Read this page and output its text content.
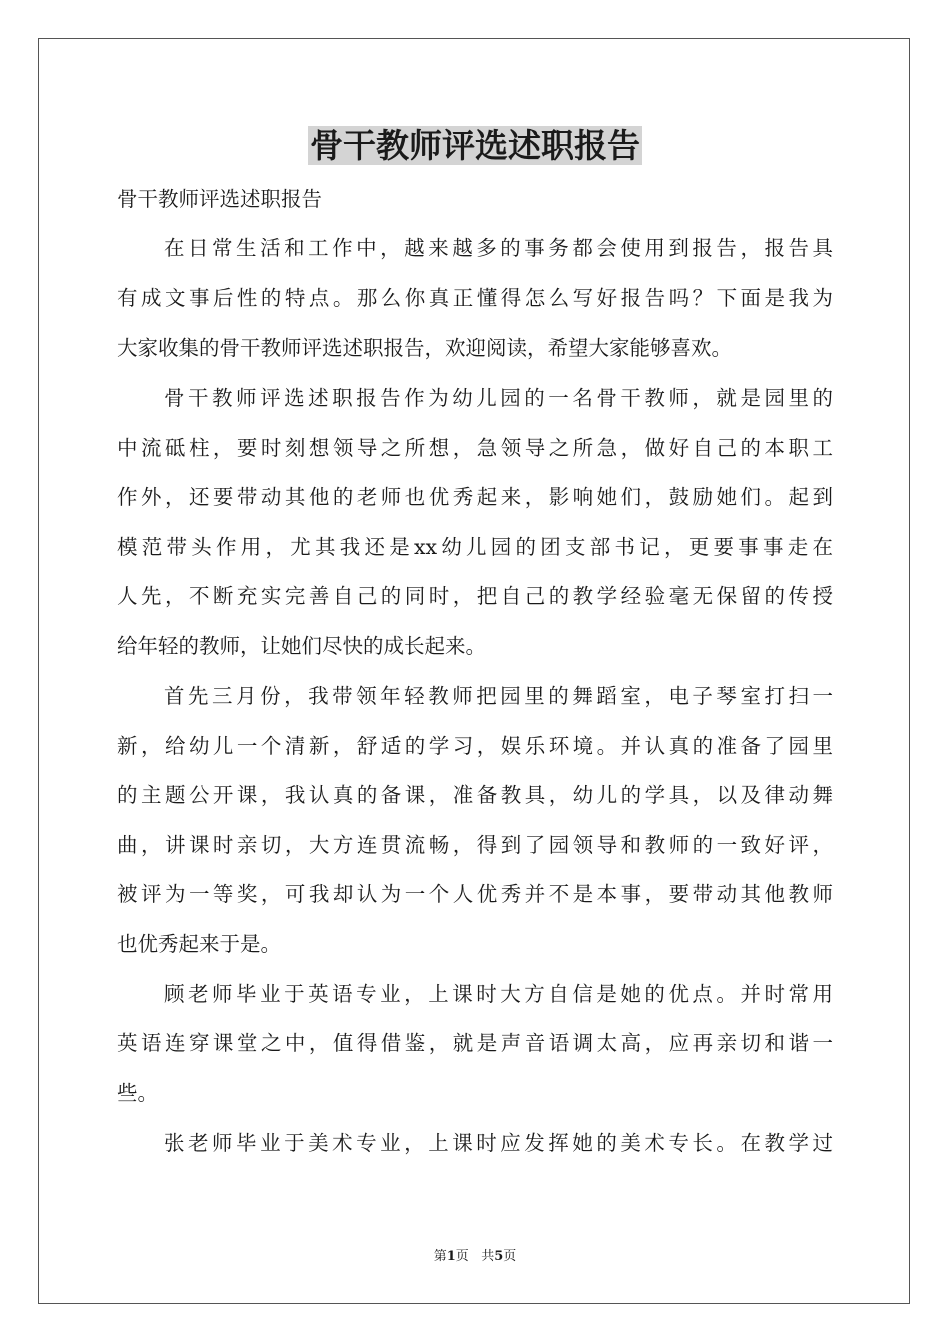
骨干教师评选述职报告
骨干教师评选述职报告
在日常生活和工作中，越来越多的事务都会使用到报告，报告具
有成文事后性的特点。那么你真正懂得怎么写好报告吗？下面是我为
大家收集的骨干教师评选述职报告，欢迎阅读，希望大家能够喜欢。
骨干教师评选述职报告作为幼儿园的一名骨干教师，就是园里的
中流砥柱，要时刻想领导之所想，急领导之所急，做好自己的本职工
作外，还要带动其他的老师也优秀起来，影响她们，鼓励她们。起到
模范带头作用，尤其我还是xx幼儿园的团支部书记，更要事事走在
人先，不断充实完善自己的同时，把自己的教学经验毫无保留的传授
给年轻的教师，让她们尽快的成长起来。
首先三月份，我带领年轻教师把园里的舞蹈室，电子琴室打扫一
新，给幼儿一个清新，舒适的学习，娱乐环境。并认真的准备了园里
的主题公开课，我认真的备课，准备教具，幼儿的学具，以及律动舞
曲，讲课时亲切，大方连贯流畅，得到了园领导和教师的一致好评，
被评为一等奖，可我却认为一个人优秀并不是本事，要带动其他教师
也优秀起来于是。
顾老师毕业于英语专业，上课时大方自信是她的优点。并时常用
英语连穿课堂之中，值得借鉴，就是声音语调太高，应再亲切和谐一
些。
张老师毕业于美术专业，上课时应发挥她的美术专长。在教学过
第1页 共5页
